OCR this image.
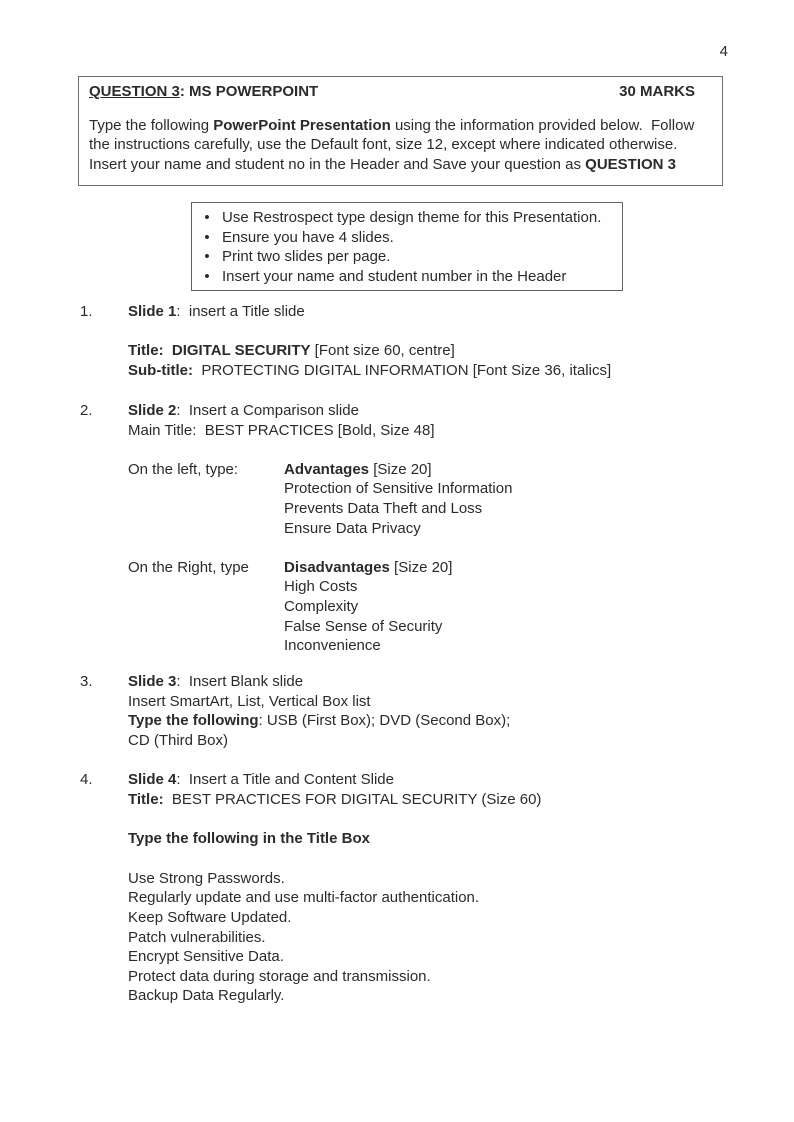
4
QUESTION 3: MS POWERPOINT	30 MARKS
Type the following PowerPoint Presentation using the information provided below.  Follow the instructions carefully, use the Default font, size 12, except where indicated otherwise.  Insert your name and student no in the Header and Save your question as QUESTION 3
• Use Restrospect type design theme for this Presentation.
• Ensure you have 4 slides.
• Print two slides per page.
• Insert your name and student number in the Header
1. Slide 1:  insert a Title slide
Title:  DIGITAL SECURITY [Font size 60, centre]
Sub-title:  PROTECTING DIGITAL INFORMATION [Font Size 36, italics]
2. Slide 2:  Insert a Comparison slide
Main Title:  BEST PRACTICES [Bold, Size 48]
On the left, type:	Advantages [Size 20]
Protection of Sensitive Information
Prevents Data Theft and Loss
Ensure Data Privacy
On the Right, type	Disadvantages [Size 20]
High Costs
Complexity
False Sense of Security
Inconvenience
3. Slide 3:  Insert Blank slide
Insert SmartArt, List, Vertical Box list
Type the following: USB (First Box); DVD (Second Box);
CD (Third Box)
4. Slide 4:  Insert a Title and Content Slide
Title:  BEST PRACTICES FOR DIGITAL SECURITY (Size 60)
Type the following in the Title Box
Use Strong Passwords.
Regularly update and use multi-factor authentication.
Keep Software Updated.
Patch vulnerabilities.
Encrypt Sensitive Data.
Protect data during storage and transmission.
Backup Data Regularly.
